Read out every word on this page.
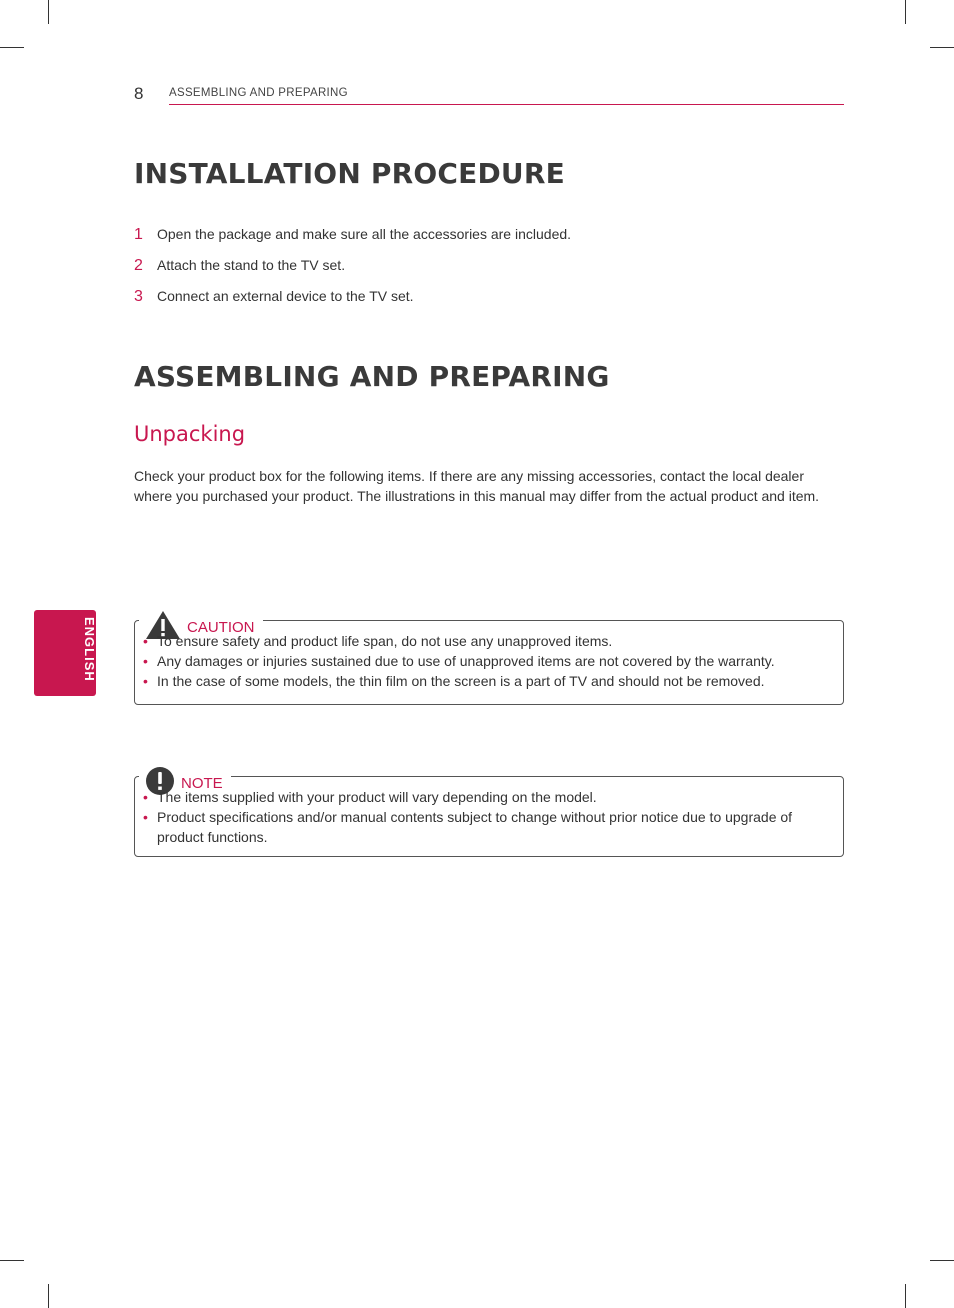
8 ASSEMBLING AND PREPARING
INSTALLATION PROCEDURE
1	Open the package and make sure all the accessories are included.
2	Attach the stand to the TV set.
3	Connect an external device to the TV set.
ASSEMBLING AND PREPARING
Unpacking

Check your product box for the following items. If there are any missing accessories, contact the local dealer where you purchased your product. The illustrations in this manual may differ from the actual product and item.

ENGLISH	CAUTION
• To ensure safety and product life span, do not use any unapproved items.
• Any damages or injuries sustained due to use of unapproved items are not covered by the warranty.
• In the case of some models, the thin film on the screen is a part of TV and should not be removed.
NOTE
• The items supplied with your product will vary depending on the model.
• Product specifications and/or manual contents subject to change without prior notice due to upgrade of product functions.
